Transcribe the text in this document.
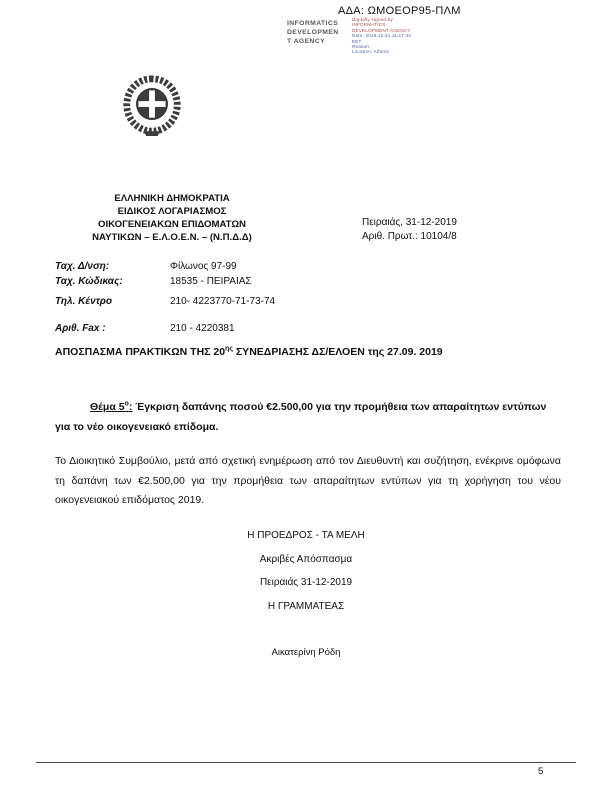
ΑΔΑ: ΩΜΟΕΟΡ95-ΠΛΜ
INFORMATICS
DEVELOPMEN
T AGENCY
Digitally signed by
INFORMATICS
DEVELOPMENT AGENCY
Date: 2019.12.31 11:17:44
EET
Reason:
Location: Athens
ΕΛΛΗΝΙΚΗ ΔΗΜΟΚΡΑΤΙΑ
ΕΙΔΙΚΟΣ ΛΟΓΑΡΙΑΣΜΟΣ
ΟΙΚΟΓΕΝΕΙΑΚΩΝ ΕΠΙΔΟΜΑΤΩΝ
ΝΑΥΤΙΚΩΝ – Ε.Λ.Ο.Ε.Ν. – (Ν.Π.Δ.Δ)
Πειραιάς, 31-12-2019
Αριθ. Πρωτ.: 10104/8
Ταχ. Δ/νση:	Φίλωνος 97-99
Ταχ. Κώδικας:	18535 - ΠΕΙΡΑΙΑΣ
Τηλ. Κέντρο	210- 4223770-71-73-74
Αριθ. Fax :	210 - 4220381
ΑΠΟΣΠΑΣΜΑ ΠΡΑΚΤΙΚΩΝ ΤΗΣ $20^{\eta\varsigma}$ ΣΥΝΕΔΡΙΑΣΗΣ ΔΣ/ΕΛΟΕΝ της 27.09. 2019
Θέμα $5^o$: Έγκριση δαπάνης ποσού €2.500,00 για την προμήθεια των απαραίτητων εντύπων για το νέο οικογενειακό επίδομα.
Το Διοικητικό Συμβούλιο, μετά από σχετική ενημέρωση από τον Διευθυντή και συζήτηση, ενέκρινε ομόφωνα τη δαπάνη των €2.500,00 για την προμήθεια των απαραίτητων εντύπων για τη χορήγηση του νέου οικογενειακού επιδόματος 2019.
Η ΠΡΟΕΔΡΟΣ - ΤΑ ΜΕΛΗ
Ακριβές Απόσπασμα
Πειραιάς 31-12-2019
Η ΓΡΑΜΜΑΤΕΑΣ
Αικατερίνη Ρόδη
5
